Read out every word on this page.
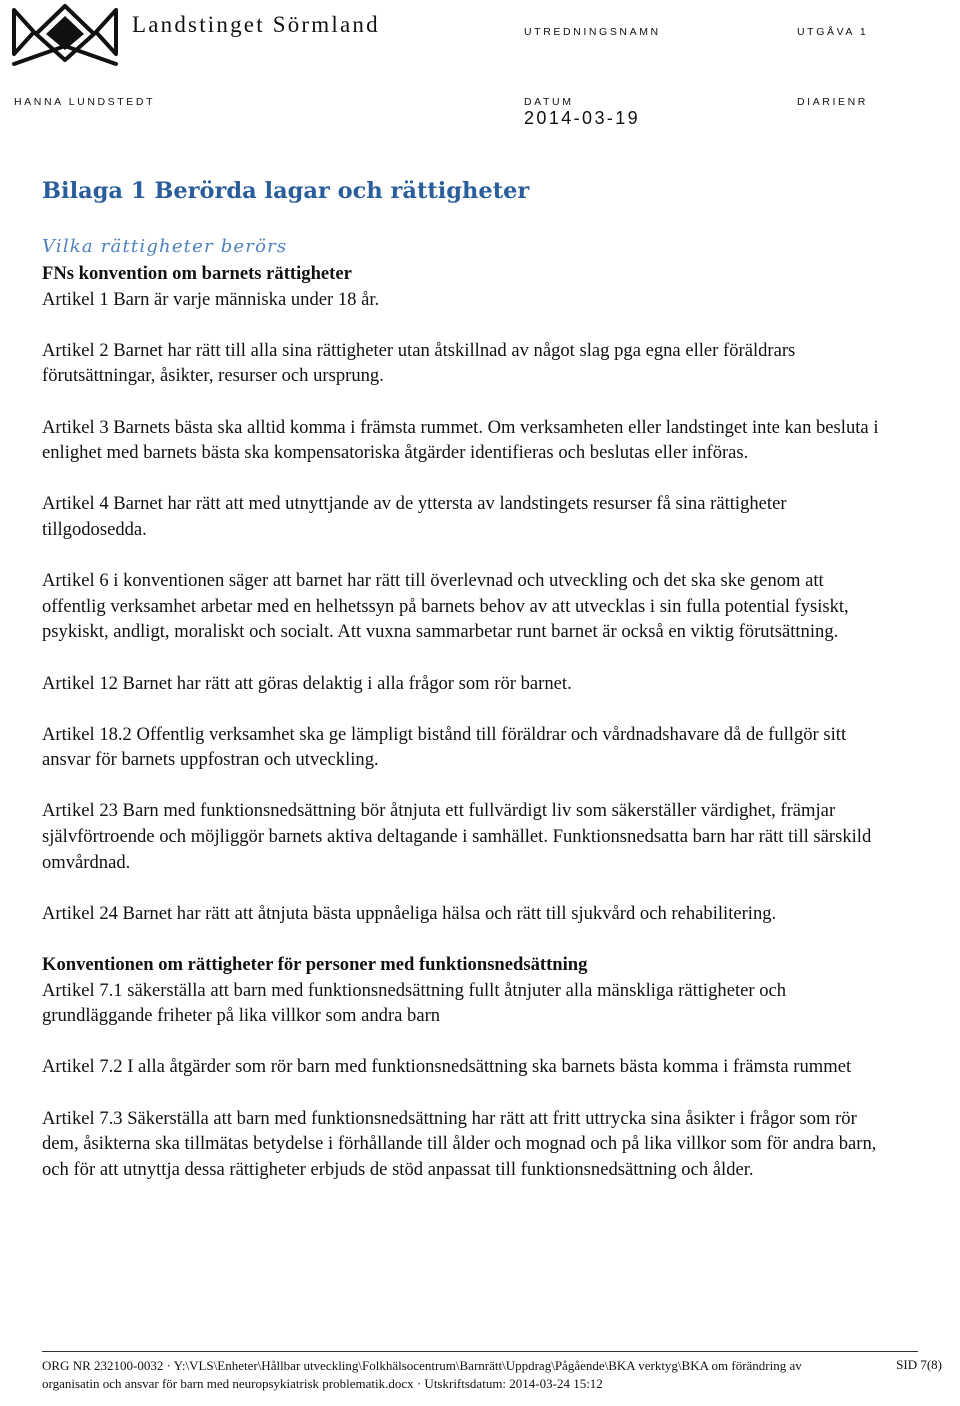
Landstinget Sörmland	UTREDNINGSNAMN	UTGÅVA 1
HANNA LUNDSTEDT	DATUM
2014-03-19
DIARIENR
Bilaga 1 Berörda lagar och rättigheter
Vilka rättigheter berörs

FNs konvention om barnets rättigheter

Artikel 1 Barn är varje människa under 18 år.

Artikel 2 Barnet har rätt till alla sina rättigheter utan åtskillnad av något slag pga egna eller föräldrars förutsättningar, åsikter, resurser och ursprung.

Artikel 3 Barnets bästa ska alltid komma i främsta rummet. Om verksamheten eller landstinget inte kan besluta i enlighet med barnets bästa ska kompensatoriska åtgärder identifieras och beslutas eller införas.

Artikel 4 Barnet har rätt att med utnyttjande av de yttersta av landstingets resurser få sina rättigheter tillgodosedda.

Artikel 6 i konventionen säger att barnet har rätt till överlevnad och utveckling och det ska ske genom att offentlig verksamhet arbetar med en helhetssyn på barnets behov av att utvecklas i sin fulla potential fysiskt, psykiskt, andligt, moraliskt och socialt. Att vuxna sammarbetar runt barnet är också en viktig förutsättning.

Artikel 12 Barnet har rätt att göras delaktig i alla frågor som rör barnet.

Artikel 18.2 Offentlig verksamhet ska ge lämpligt bistånd till föräldrar och vårdnadshavare då de fullgör sitt ansvar för barnets uppfostran och utveckling.

Artikel 23 Barn med funktionsnedsättning bör åtnjuta ett fullvärdigt liv som säkerställer värdighet, främjar självförtroende och möjliggör barnets aktiva deltagande i samhället. Funktionsnedsatta barn har rätt till särskild omvårdnad.

Artikel 24 Barnet har rätt att åtnjuta bästa uppnåeliga hälsa och rätt till sjukvård och rehabilitering.

Konventionen om rättigheter för personer med funktionsnedsättning

Artikel 7.1 säkerställa att barn med funktionsnedsättning fullt åtnjuter alla mänskliga rättigheter och grundläggande friheter på lika villkor som andra barn

Artikel 7.2 I alla åtgärder som rör barn med funktionsnedsättning ska barnets bästa komma i främsta rummet

Artikel 7.3 Säkerställa att barn med funktionsnedsättning har rätt att fritt uttrycka sina åsikter i frågor som rör dem, åsikterna ska tillmätas betydelse i förhållande till ålder och mognad och på lika villkor som för andra barn, och för att utnyttja dessa rättigheter erbjuds de stöd anpassat till funktionsnedsättning och ålder.

ORG NR 232100-0032 · Y:\VLS\Enheter\Hållbar utveckling\Folkhälsocentrum\Barnrätt\Uppdrag\Pågående\BKA verktyg\BKA om förändring av organisatin och ansvar för barn med neuropsykiatrisk problematik.docx · Utskriftsdatum: 2014-03-24 15:12
SID 7(8)
